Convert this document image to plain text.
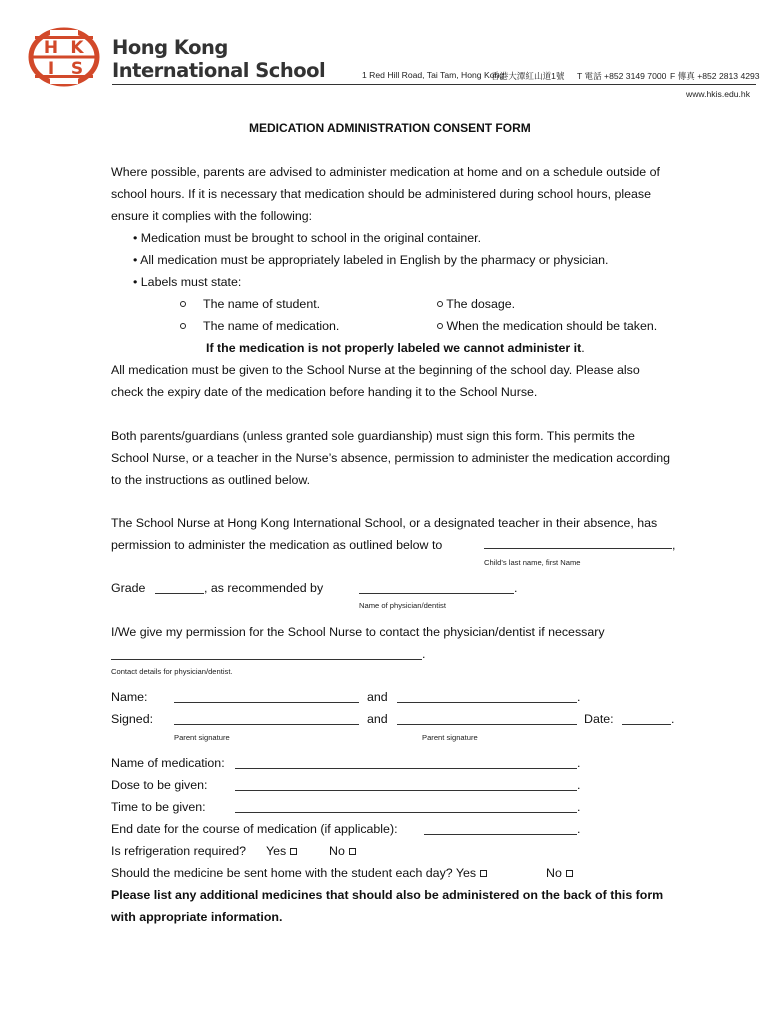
H K
I S
Hong Kong
International School	1 Red Hill Road, Tai Tam, Hong Kong
香港大潭紅山道1號 T 電話 +852 3149 7000 F 傳真 +852 2813 4293
www.hkis.edu.hk
MEDICATION ADMINISTRATION CONSENT FORM
Where possible, parents are advised to administer medication at home and on a schedule outside of
school hours. If it is necessary that medication should be administered during school hours, please
ensure it complies with the following:
• Medication must be brought to school in the original container.
• All medication must be appropriately labeled in English by the pharmacy or physician.
• Labels must state:
The name of student.	The dosage.
The name of medication.	When the medication should be taken.
If the medication is not properly labeled we cannot administer it.
All medication must be given to the School Nurse at the beginning of the school day. Please also
check the expiry date of the medication before handing it to the School Nurse.
Both parents/guardians (unless granted sole guardianship) must sign this form. This permits the
School Nurse, or a teacher in the Nurse’s absence, permission to administer the medication according
to the instructions as outlined below.
The School Nurse at Hong Kong International School, or a designated teacher in their absence, has
permission to administer the medication as outlined below to	,
Child’s last name, first Name
Grade	, as recommended by	.
Name of physician/dentist
I/We give my permission for the School Nurse to contact the physician/dentist if necessary
.
Contact details for physician/dentist.
Name:	and	.
Signed:	and	Date:	.
Parent signature	Parent signature
Name of medication:	.
Dose to be given:	.
Time to be given:	.
End date for the course of medication (if applicable):	.
Is refrigeration required? Yes	No
Should the medicine be sent home with the student each day? Yes	No
Please list any additional medicines that should also be administered on the back of this form
with appropriate information.
